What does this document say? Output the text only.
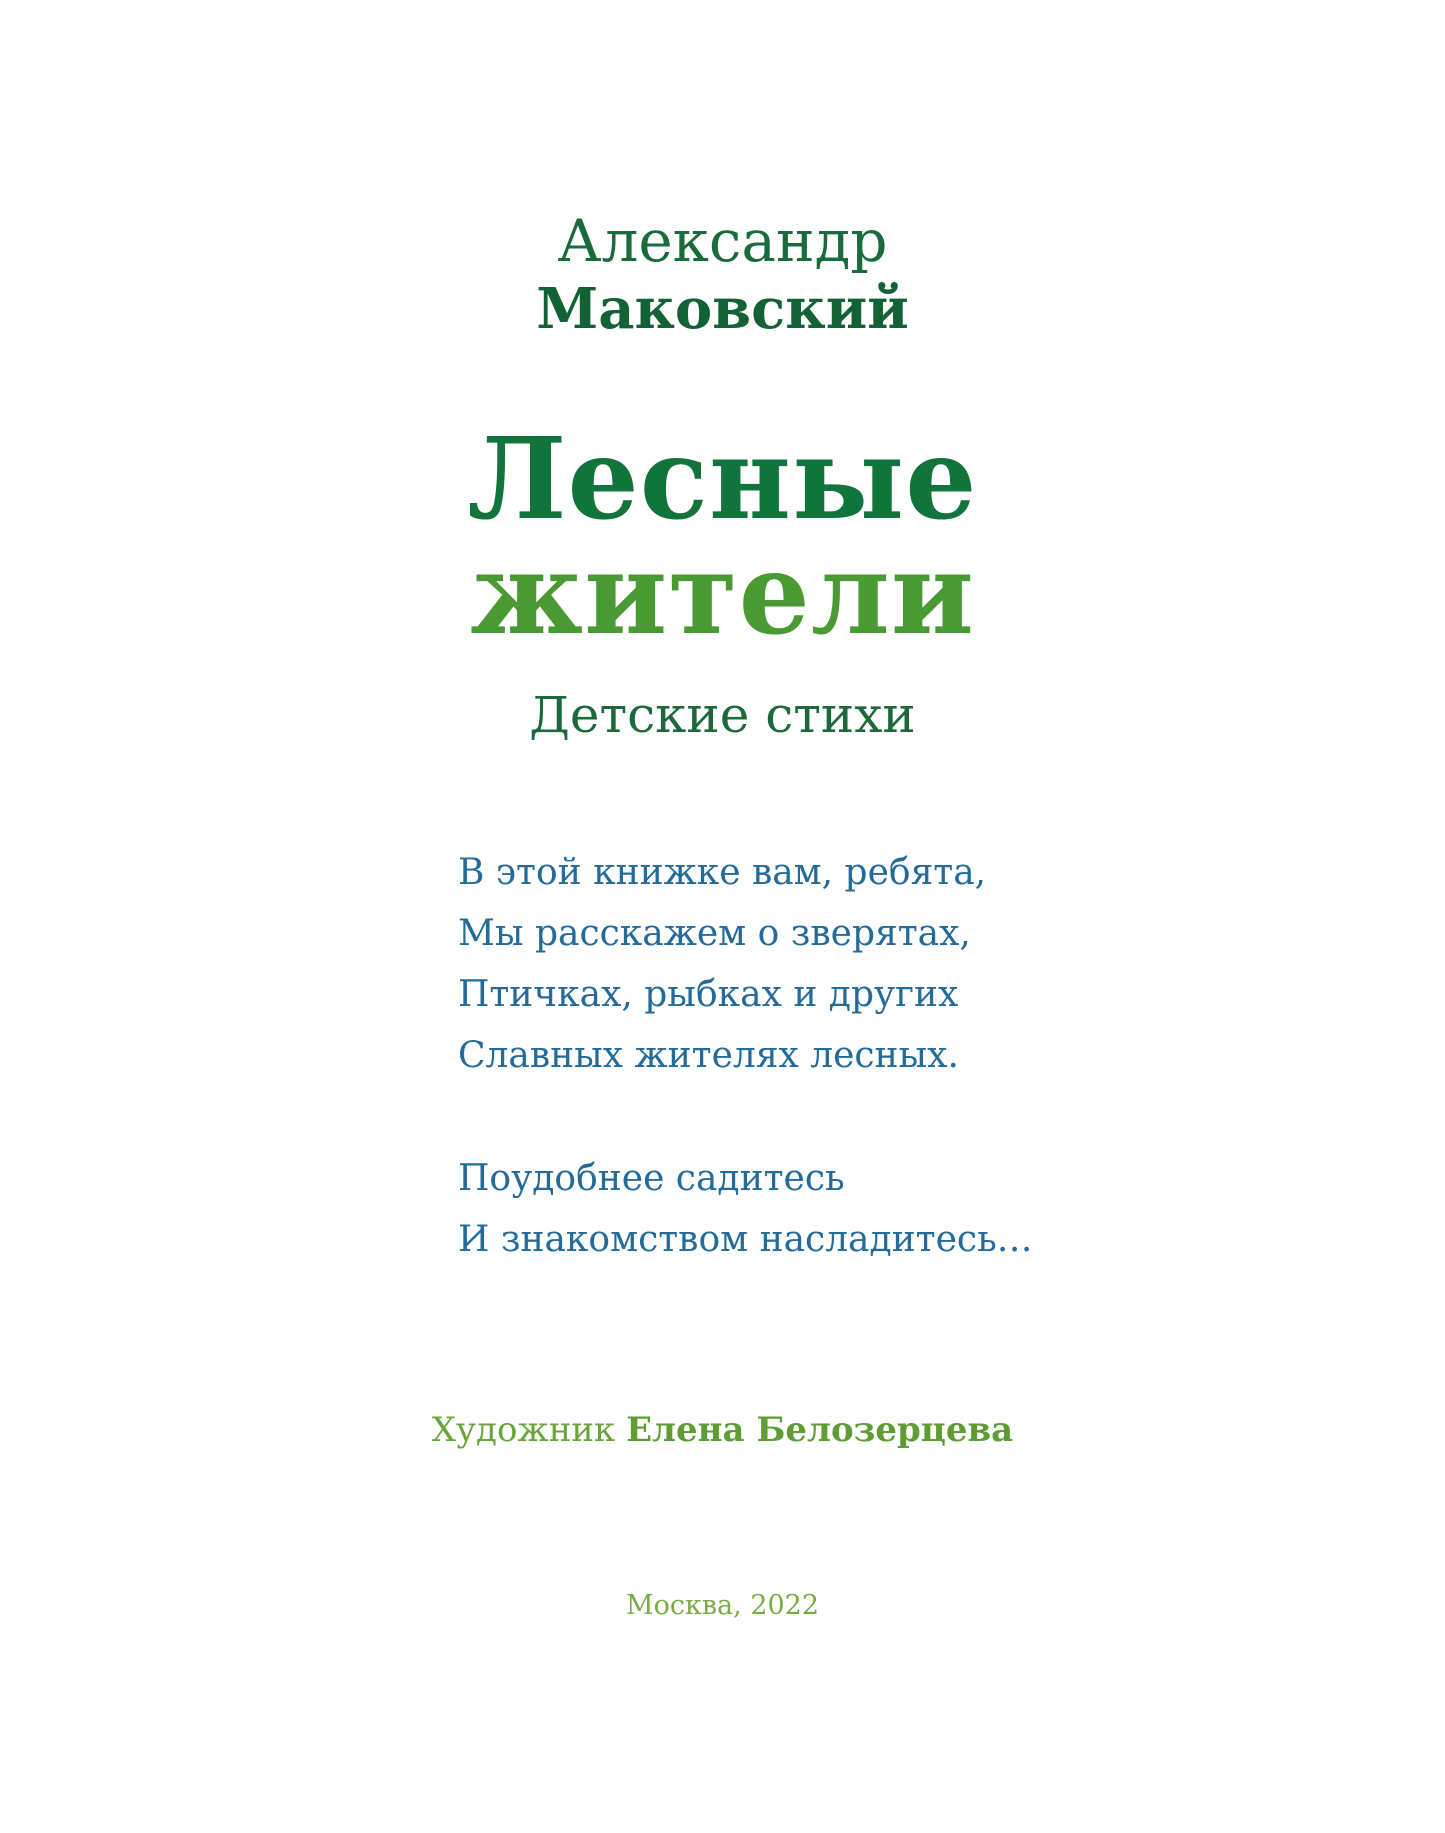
Александр
Маковский
Лесные
жители
Детские стихи
В этой книжке вам, ребята,
Мы расскажем о зверятах,
Птичках, рыбках и других
Славных жителях лесных.
Поудобнее садитесь
И знакомством насладитесь…
Художник Елена Белозерцева
Москва, 2022
